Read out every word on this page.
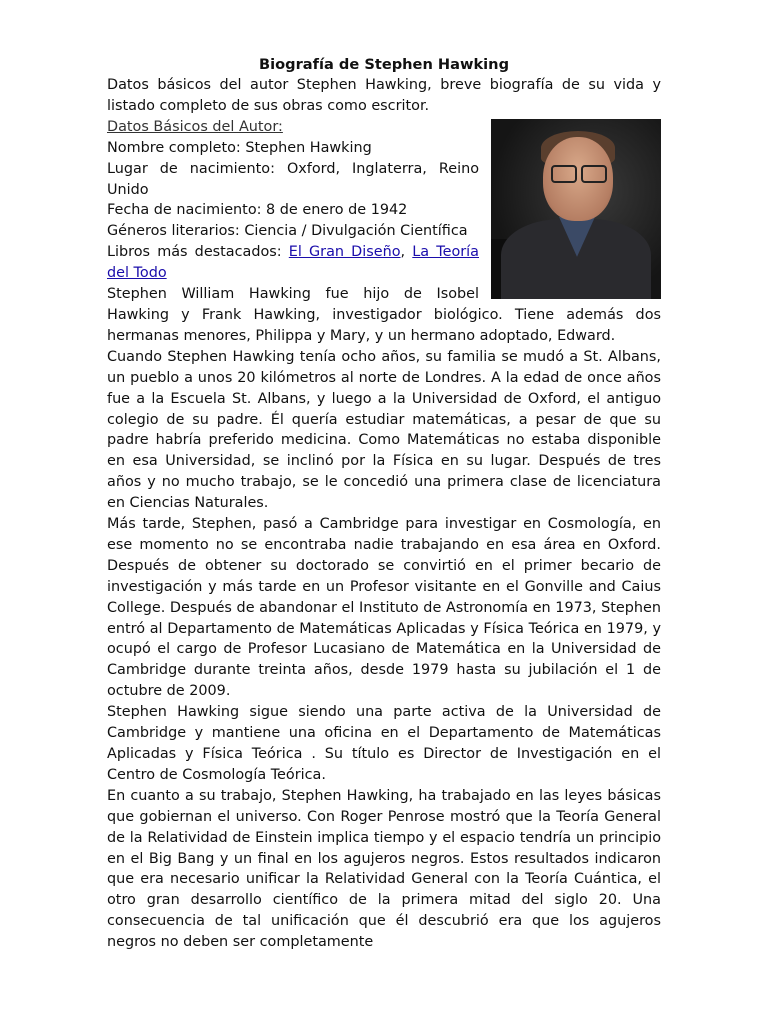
Biografía de Stephen Hawking

Datos básicos del autor Stephen Hawking, breve biografía de su vida y listado completo de sus obras como escritor.

Datos Básicos del Autor:

Nombre completo: Stephen Hawking

Lugar de nacimiento: Oxford, Inglaterra, Reino Unido

Fecha de nacimiento: 8 de enero de 1942

Géneros literarios: Ciencia / Divulgación Científica

Libros más destacados: El Gran Diseño, La Teoría del Todo

Stephen William Hawking fue hijo de Isobel Hawking y Frank Hawking, investigador biológico. Tiene además dos hermanas menores, Philippa y Mary, y un hermano adoptado, Edward.

Cuando Stephen Hawking tenía ocho años, su familia se mudó a St. Albans, un pueblo a unos 20 kilómetros al norte de Londres. A la edad de once años fue a la Escuela St. Albans, y luego a la Universidad de Oxford, el antiguo colegio de su padre. Él quería estudiar matemáticas, a pesar de que su padre habría preferido medicina. Como Matemáticas no estaba disponible en esa Universidad, se inclinó por la Física en su lugar. Después de tres años y no mucho trabajo, se le concedió una primera clase de licenciatura en Ciencias Naturales.

Más tarde, Stephen, pasó a Cambridge para investigar en Cosmología, en ese momento no se encontraba nadie trabajando en esa área en Oxford. Después de obtener su doctorado se convirtió en el primer becario de investigación y más tarde en un Profesor visitante en el Gonville and Caius College. Después de abandonar el Instituto de Astronomía en 1973, Stephen entró al Departamento de Matemáticas Aplicadas y Física Teórica en 1979, y ocupó el cargo de Profesor Lucasiano de Matemática en la Universidad de Cambridge durante treinta años, desde 1979 hasta su jubilación el 1 de octubre de 2009.

Stephen Hawking sigue siendo una parte activa de la Universidad de Cambridge y mantiene una oficina en el Departamento de Matemáticas Aplicadas y Física Teórica . Su título es Director de Investigación en el Centro de Cosmología Teórica.

En cuanto a su trabajo, Stephen Hawking, ha trabajado en las leyes básicas que gobiernan el universo. Con Roger Penrose mostró que la Teoría General de la Relatividad de Einstein implica tiempo y el espacio tendría un principio en el Big Bang y un final en los agujeros negros. Estos resultados indicaron que era necesario unificar la Relatividad General con la Teoría Cuántica, el otro gran desarrollo científico de la primera mitad del siglo 20. Una consecuencia de tal unificación que él descubrió era que los agujeros negros no deben ser completamente
